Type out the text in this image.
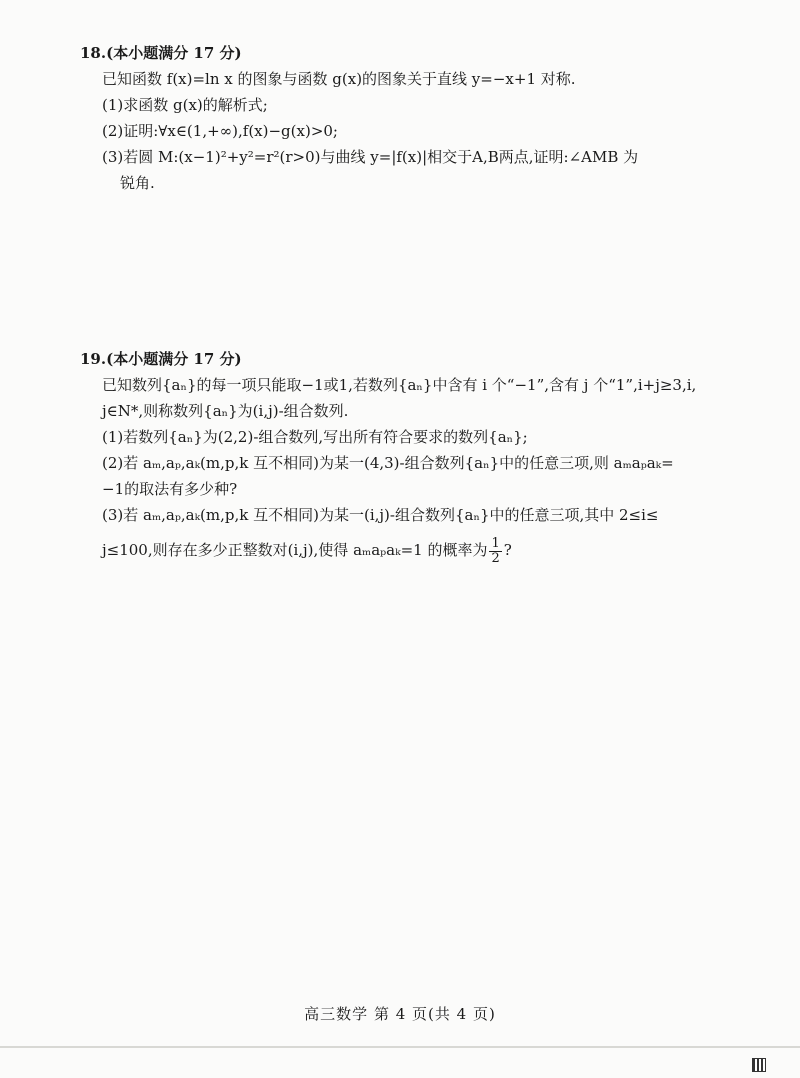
18.(本小题满分 17 分)
已知函数 f(x)=ln x 的图象与函数 g(x)的图象关于直线 y=−x+1 对称.
(1)求函数 g(x)的解析式;
(2)证明:∀x∈(1,+∞),f(x)−g(x)>0;
(3)若圆 M:(x−1)²+y²=r²(r>0)与曲线 y=|f(x)|相交于A,B两点,证明:∠AMB 为
锐角.
19.(本小题满分 17 分)
已知数列{aₙ}的每一项只能取−1或1,若数列{aₙ}中含有 i 个“−1”,含有 j 个“1”,i+j≥3,i,
j∈N*,则称数列{aₙ}为(i,j)-组合数列.
(1)若数列{aₙ}为(2,2)-组合数列,写出所有符合要求的数列{aₙ};
(2)若 aₘ,aₚ,aₖ(m,p,k 互不相同)为某一(4,3)-组合数列{aₙ}中的任意三项,则 aₘaₚaₖ=
−1的取法有多少种?
(3)若 aₘ,aₚ,aₖ(m,p,k 互不相同)为某一(i,j)-组合数列{aₙ}中的任意三项,其中 2≤i≤
j≤100,则存在多少正整数对(i,j),使得 aₘaₚaₖ=1 的概率为 $\frac{1}{2}$ ?
高三数学 第 4 页(共 4 页)
